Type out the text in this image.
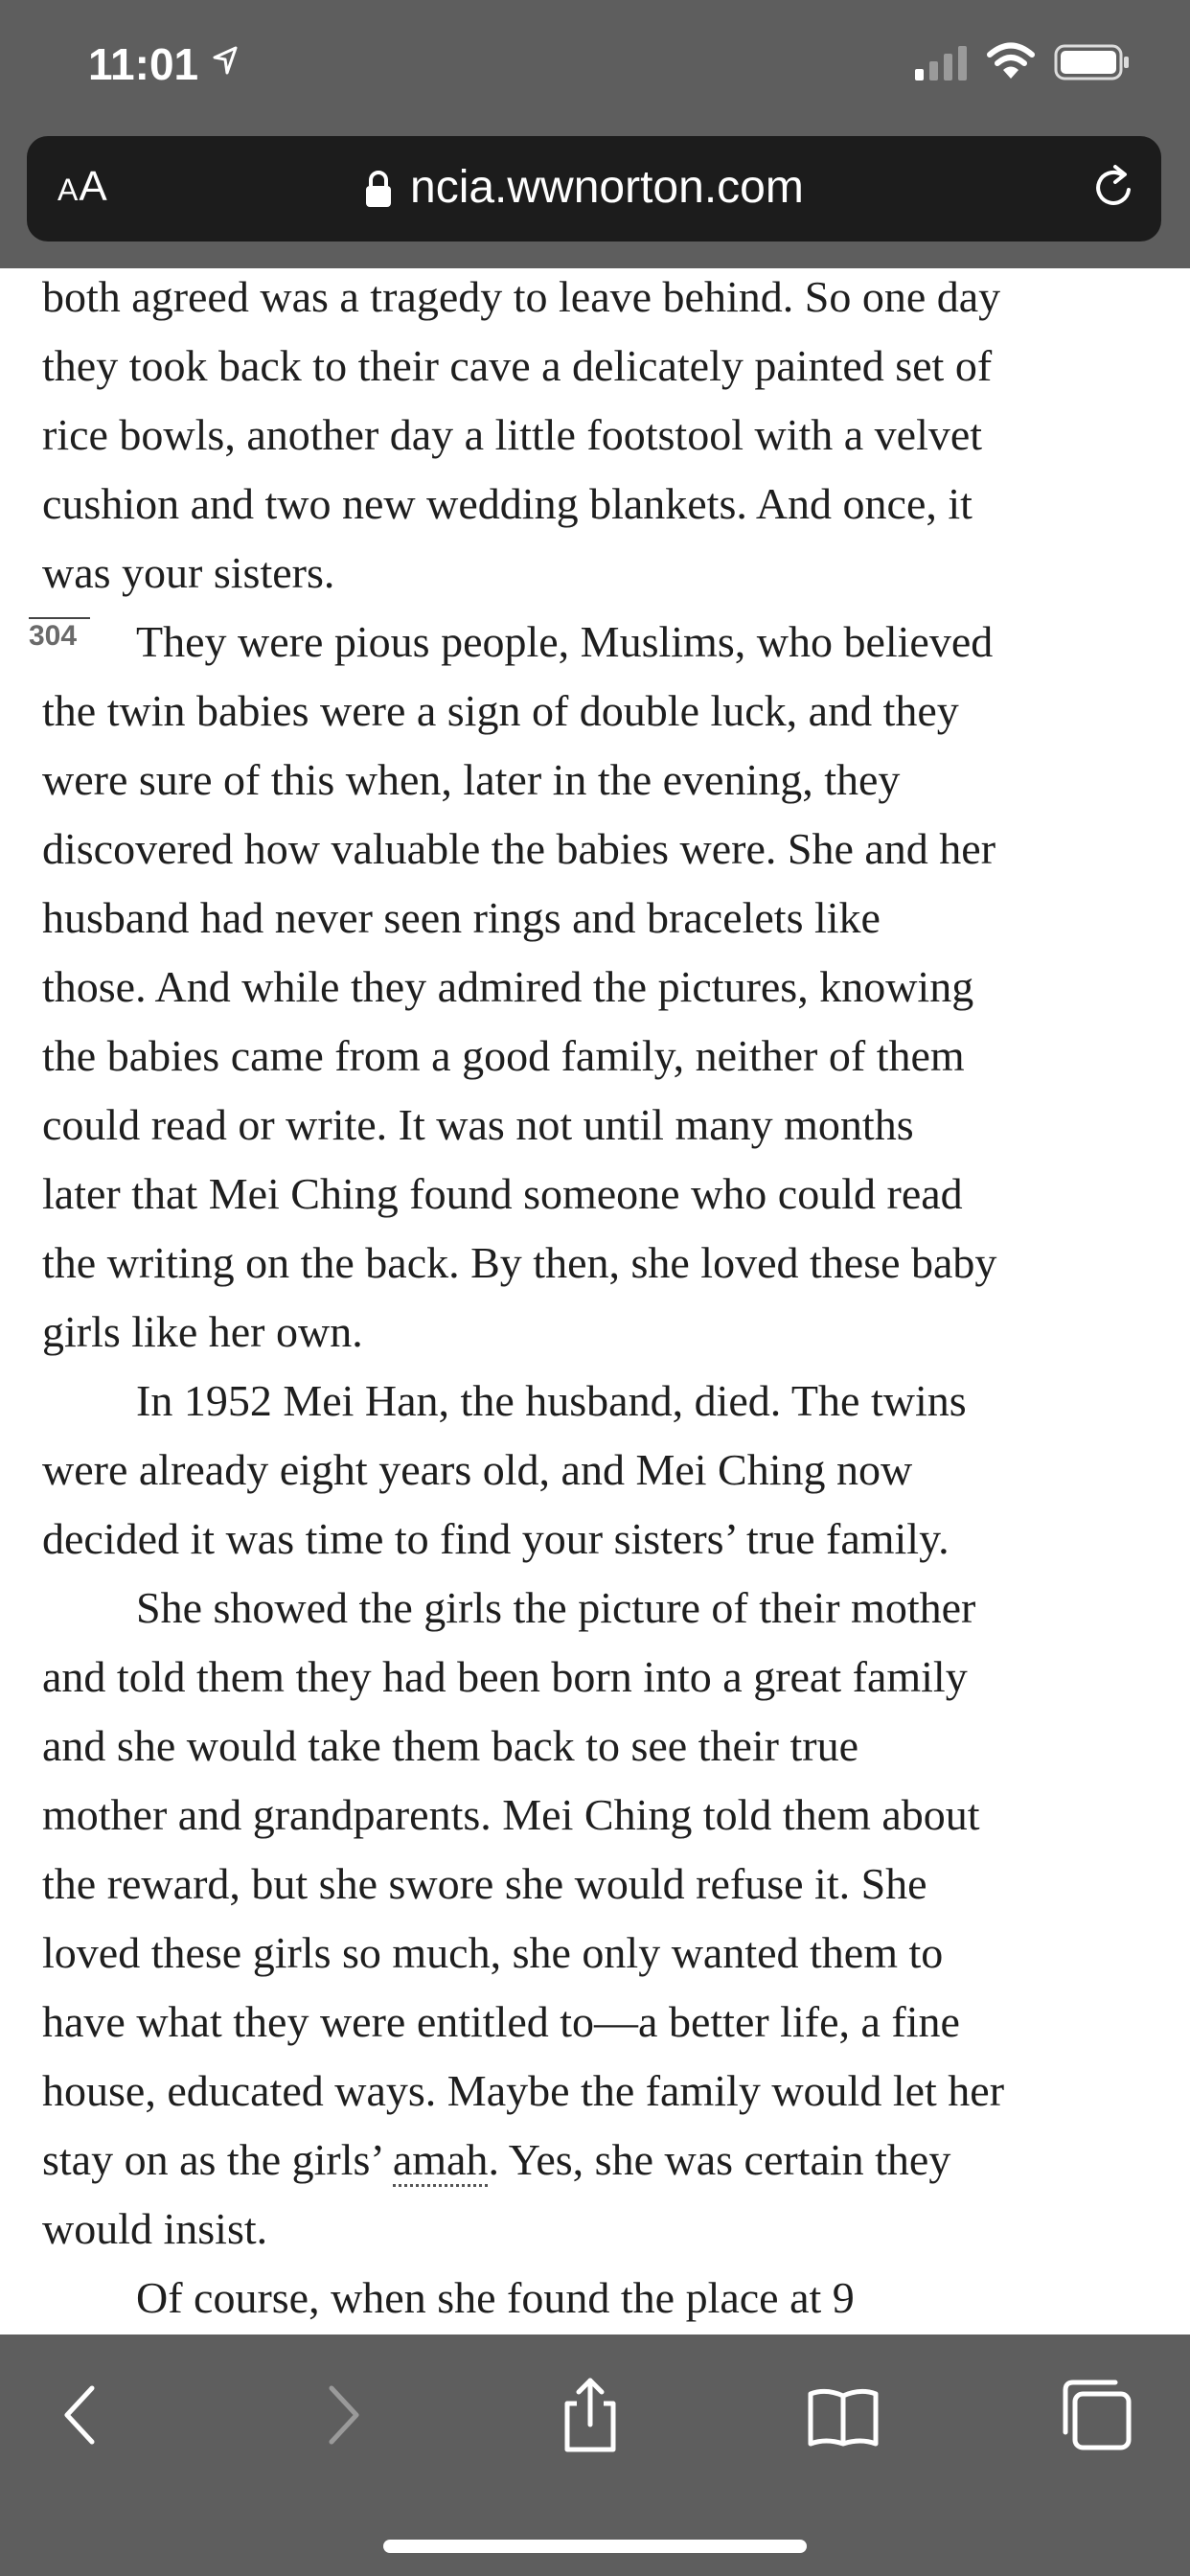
11:01
AA	ncia.wwnorton.com
both agreed was a tragedy to leave behind. So one day
they took back to their cave a delicately painted set of
rice bowls, another day a little footstool with a velvet
cushion and two new wedding blankets. And once, it
was your sisters.
304 They were pious people, Muslims, who believed
the twin babies were a sign of double luck, and they
were sure of this when, later in the evening, they
discovered how valuable the babies were. She and her
husband had never seen rings and bracelets like
those. And while they admired the pictures, knowing
the babies came from a good family, neither of them
could read or write. It was not until many months
later that Mei Ching found someone who could read
the writing on the back. By then, she loved these baby
girls like her own.
In 1952 Mei Han, the husband, died. The twins
were already eight years old, and Mei Ching now
decided it was time to find your sisters’ true family.
She showed the girls the picture of their mother
and told them they had been born into a great family
and she would take them back to see their true
mother and grandparents. Mei Ching told them about
the reward, but she swore she would refuse it. She
loved these girls so much, she only wanted them to
have what they were entitled to—a better life, a fine
house, educated ways. Maybe the family would let her
stay on as the girls’ amah. Yes, she was certain they
would insist.
Of course, when she found the place at 9
